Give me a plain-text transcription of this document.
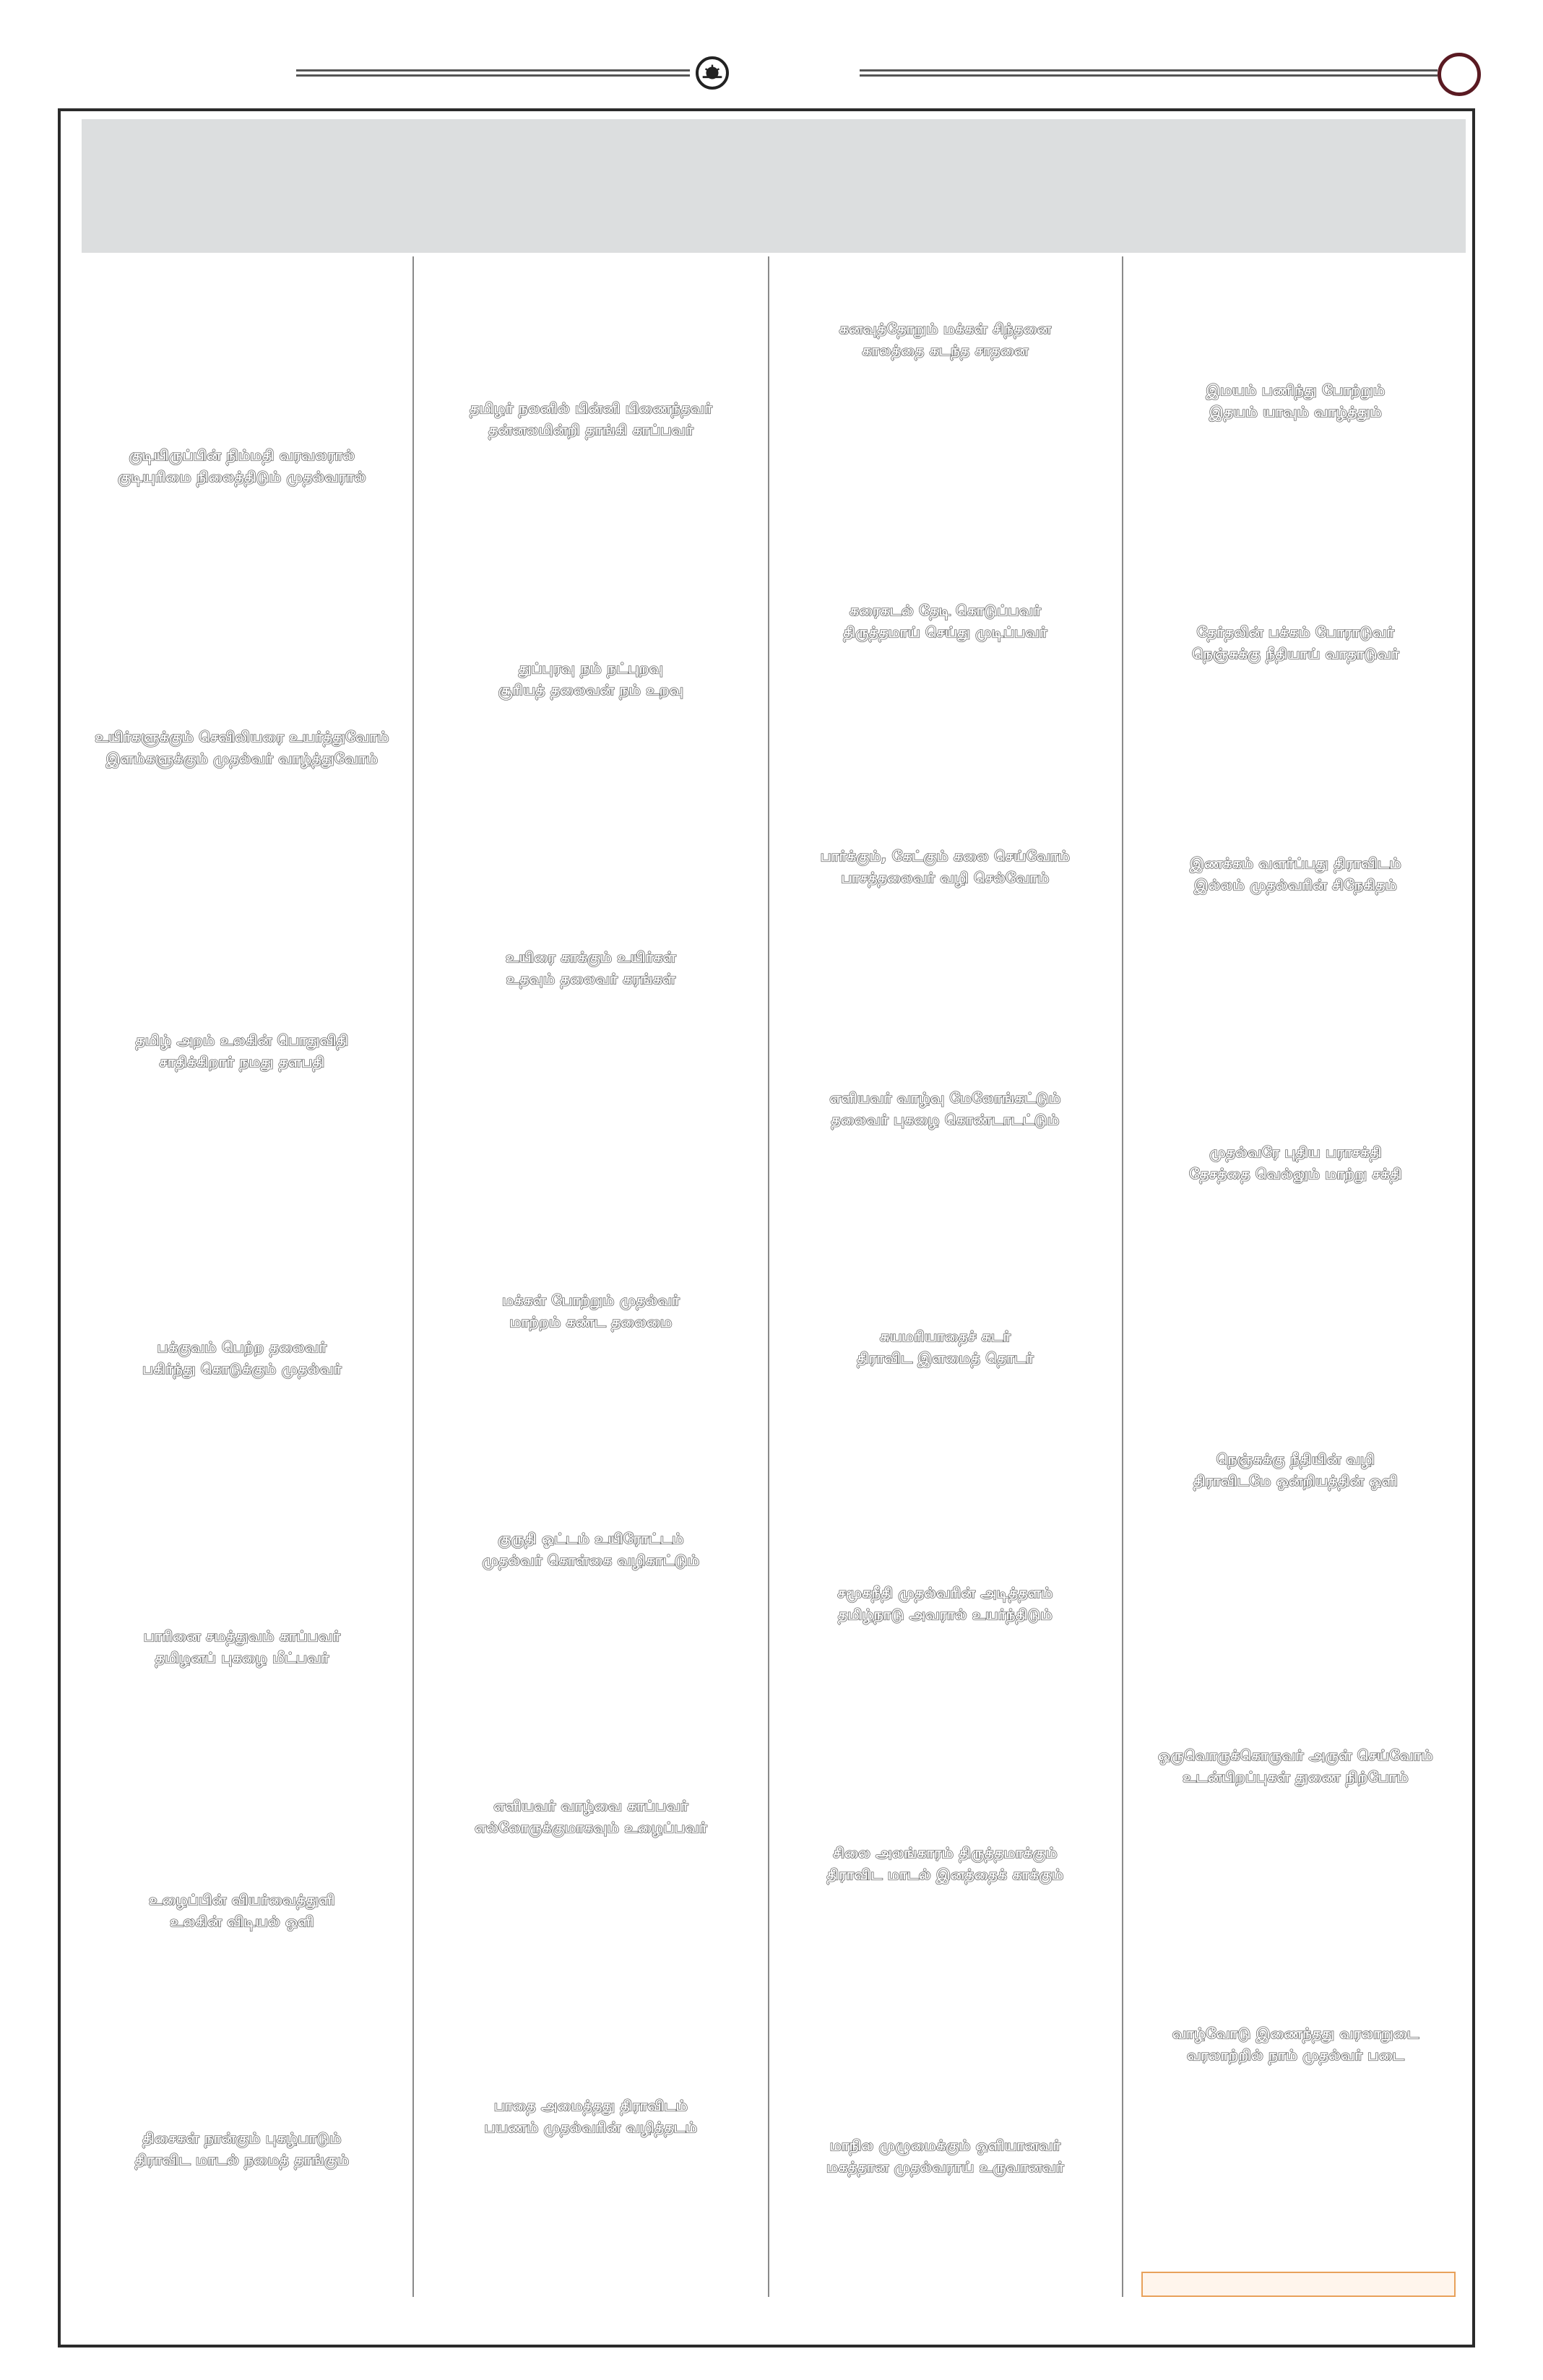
குடியிருப்பின் நிம்மதி வரவலரால்
குடியுரிமை நிலைத்திடும் முதல்வரால்
உயிர்களுக்கும் செவிலியரை உயர்த்துவோம்
இளம்களுக்கும் முதல்வர் வாழ்த்துவோம்
தமிழ் அறம் உலகின் பொதுவிதி
சாதிக்கிறார் நமது தளபதி
பக்குவம் பெற்ற தலைவர்
பகிர்ந்து கொடுக்கும் முதல்வர்
பாரினை சமத்துவம் காப்பவர்
தமிழனப் புகழை மீட்பவர்
உழைப்பின் வியர்வைத்துளி
உலகின் விடியல் ஒளி
திசைகள் நான்கும் புகழ்பாடும்
திராவிட மாடல் நமைத் தாங்கும்
தமிழர் நலனில் பின்னி பிணைந்தவர்
தன்னலமின்றி தாங்கி காப்பவர்
துப்புரவு நம் நட்புறவு
சூரியத் தலைவன் நம் உறவு
உயிரை காக்கும் உயிர்கள்
உதவும் தலைவர் கரங்கள்
மக்கள் போற்றும் முதல்வர்
மாற்றம் கண்ட தலைமை
குருதி ஓட்டம் உயிரோட்டம்
முதல்வர் கொள்கை வழிகாட்டும்
எளியவர் வாழ்வை காப்பவர்
எல்லோருக்குமாகவும் உழைப்பவர்
பாதை அமைத்தது திராவிடம்
பயணம் முதல்வரின் வழித்தடம்
கனவுத்தோறும் மக்கள் சிந்தனை
காலத்தை கடந்த சாதனை
கரைகடல் தேடி கொடுப்பவர்
திருத்தமாய் செய்து முடிப்பவர்
பார்க்கும், கேட்கும் கலை செய்வோம்
பாசத்தலைவர் வழி செல்வோம்
எளியவர் வாழ்வு மேலோங்கட்டும்
தலைவர் புகழை கொண்டாடட்டும்
சுயமரியாதைச் சுடர்
திராவிட இளமைத் தொடர்
சமூகநீதி முதல்வரின் அடித்தளம்
தமிழ்நாடு அவரால் உயர்ந்திடும்
சிலை அலங்காரம் திருத்தமாக்கும்
திராவிட மாடல் இனத்தைக் காக்கும்
மாநில முழுமைக்கும் ஒளியானவர்
மகத்தான முதல்வராய் உருவானவர்
இமயம் பணிந்து போற்றும்
இதயம் யாவும் வாழ்த்தும்
தேர்தலின் பக்கம் போராடுவர்
நெஞ்சுக்கு நீதியாய் வாதாடுவர்
இணக்கம் வளர்ப்பது திராவிடம்
இல்லம் முதல்வரின் சிநேகிதம்
முதல்வரே புதிய பராசக்தி
தேசத்தை வெல்லும் மாற்று சக்தி
நெஞ்சுக்கு நீதியின் வழி
திராவிடமே ஒன்றியத்தின் ஒளி
ஒருவொருக்கொருவர் அருள் செய்வோம்
உடன்பிறப்புகள் துணை நிற்போம்
வாழ்வோடு இணைந்தது வரலாறுடை
வரலாற்றில் நாம் முதல்வர் படை
